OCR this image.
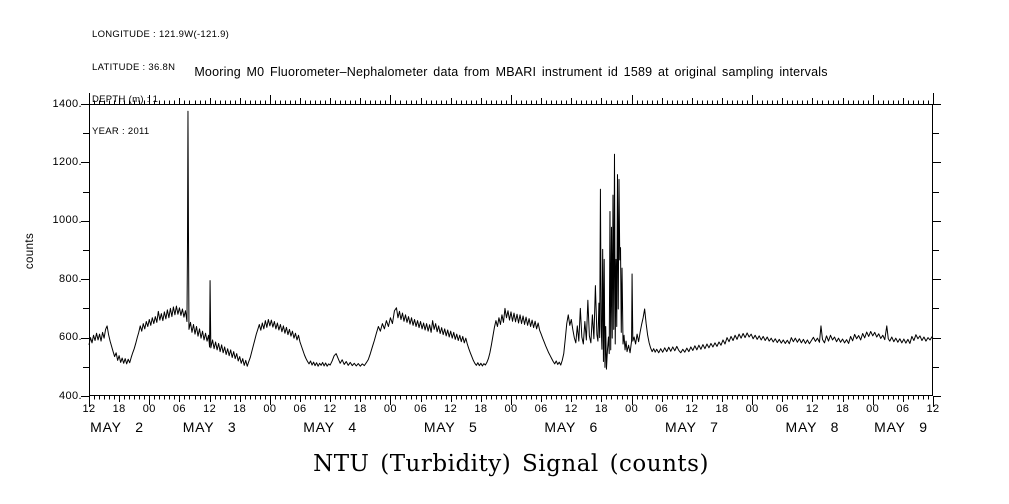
LONGITUDE : 121.9W(-121.9)

LATITUDE : 36.8N

DEPTH (m) : 1

YEAR : 2011

Mooring M0 Fluorometer–Nephalometer data from MBARI instrument id 1589 at original sampling intervals
400.
600.
800.
1000.
1200.
1400.
12	18	00	06	12	18	00	06	12	18	00	06	12	18	00	06	12	18	00	06	12	18	00	06	12	18	00	06	12
MAY 2	MAY 3	MAY 4	MAY 5	MAY 6	MAY 7	MAY 8	MAY 9
counts
NTU (Turbidity) Signal (counts)
